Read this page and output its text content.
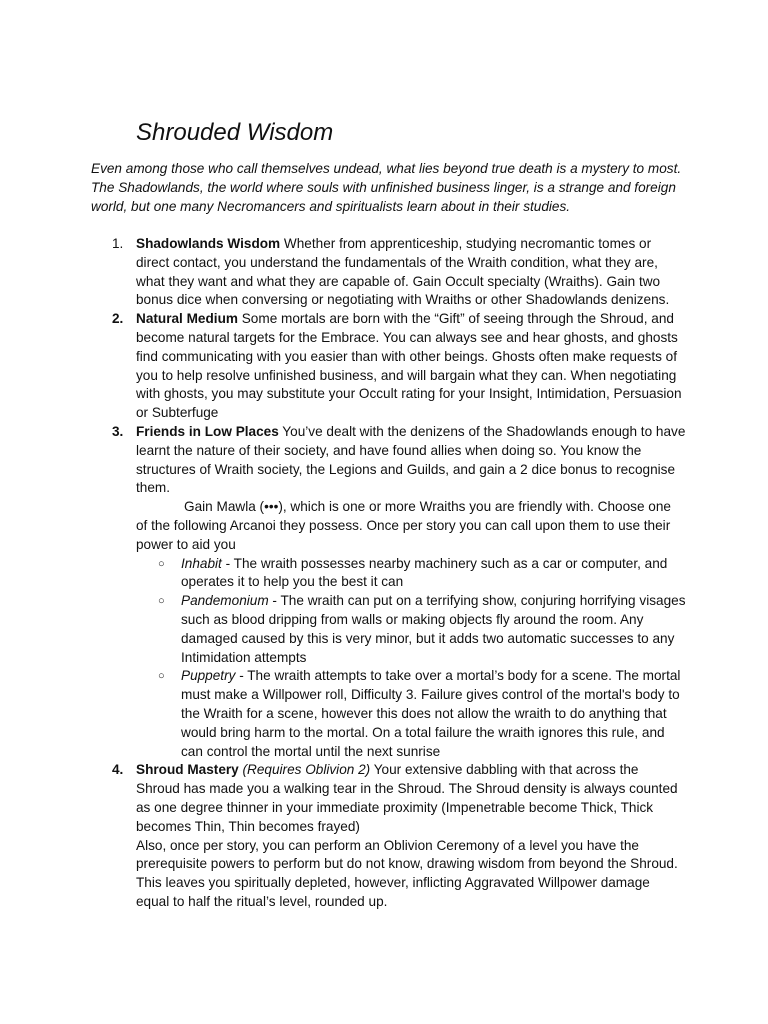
Shrouded Wisdom

Even among those who call themselves undead, what lies beyond true death is a mystery to most. The Shadowlands, the world where souls with unfinished business linger, is a strange and foreign world, but one many Necromancers and spiritualists learn about in their studies.

1. Shadowlands Wisdom Whether from apprenticeship, studying necromantic tomes or direct contact, you understand the fundamentals of the Wraith condition, what they are, what they want and what they are capable of. Gain Occult specialty (Wraiths). Gain two bonus dice when conversing or negotiating with Wraiths or other Shadowlands denizens.
2. Natural Medium Some mortals are born with the “Gift” of seeing through the Shroud, and become natural targets for the Embrace. You can always see and hear ghosts, and ghosts find communicating with you easier than with other beings. Ghosts often make requests of you to help resolve unfinished business, and will bargain what they can. When negotiating with ghosts, you may substitute your Occult rating for your Insight, Intimidation, Persuasion or Subterfuge
3. Friends in Low Places You’ve dealt with the denizens of the Shadowlands enough to have learnt the nature of their society, and have found allies when doing so. You know the structures of Wraith society, the Legions and Guilds, and gain a 2 dice bonus to recognise them.

Gain Mawla (•••), which is one or more Wraiths you are friendly with. Choose one of the following Arcanoi they possess. Once per story you can call upon them to use their power to aid you

○ Inhabit - The wraith possesses nearby machinery such as a car or computer, and operates it to help you the best it can
○ Pandemonium - The wraith can put on a terrifying show, conjuring horrifying visages such as blood dripping from walls or making objects fly around the room. Any damaged caused by this is very minor, but it adds two automatic successes to any Intimidation attempts
○ Puppetry - The wraith attempts to take over a mortal’s body for a scene. The mortal must make a Willpower roll, Difficulty 3. Failure gives control of the mortal's body to the Wraith for a scene, however this does not allow the wraith to do anything that would bring harm to the mortal. On a total failure the wraith ignores this rule, and can control the mortal until the next sunrise
4. Shroud Mastery (Requires Oblivion 2) Your extensive dabbling with that across the Shroud has made you a walking tear in the Shroud. The Shroud density is always counted as one degree thinner in your immediate proximity (Impenetrable become Thick, Thick becomes Thin, Thin becomes frayed)

Also, once per story, you can perform an Oblivion Ceremony of a level you have the prerequisite powers to perform but do not know, drawing wisdom from beyond the Shroud. This leaves you spiritually depleted, however, inflicting Aggravated Willpower damage equal to half the ritual’s level, rounded up.
